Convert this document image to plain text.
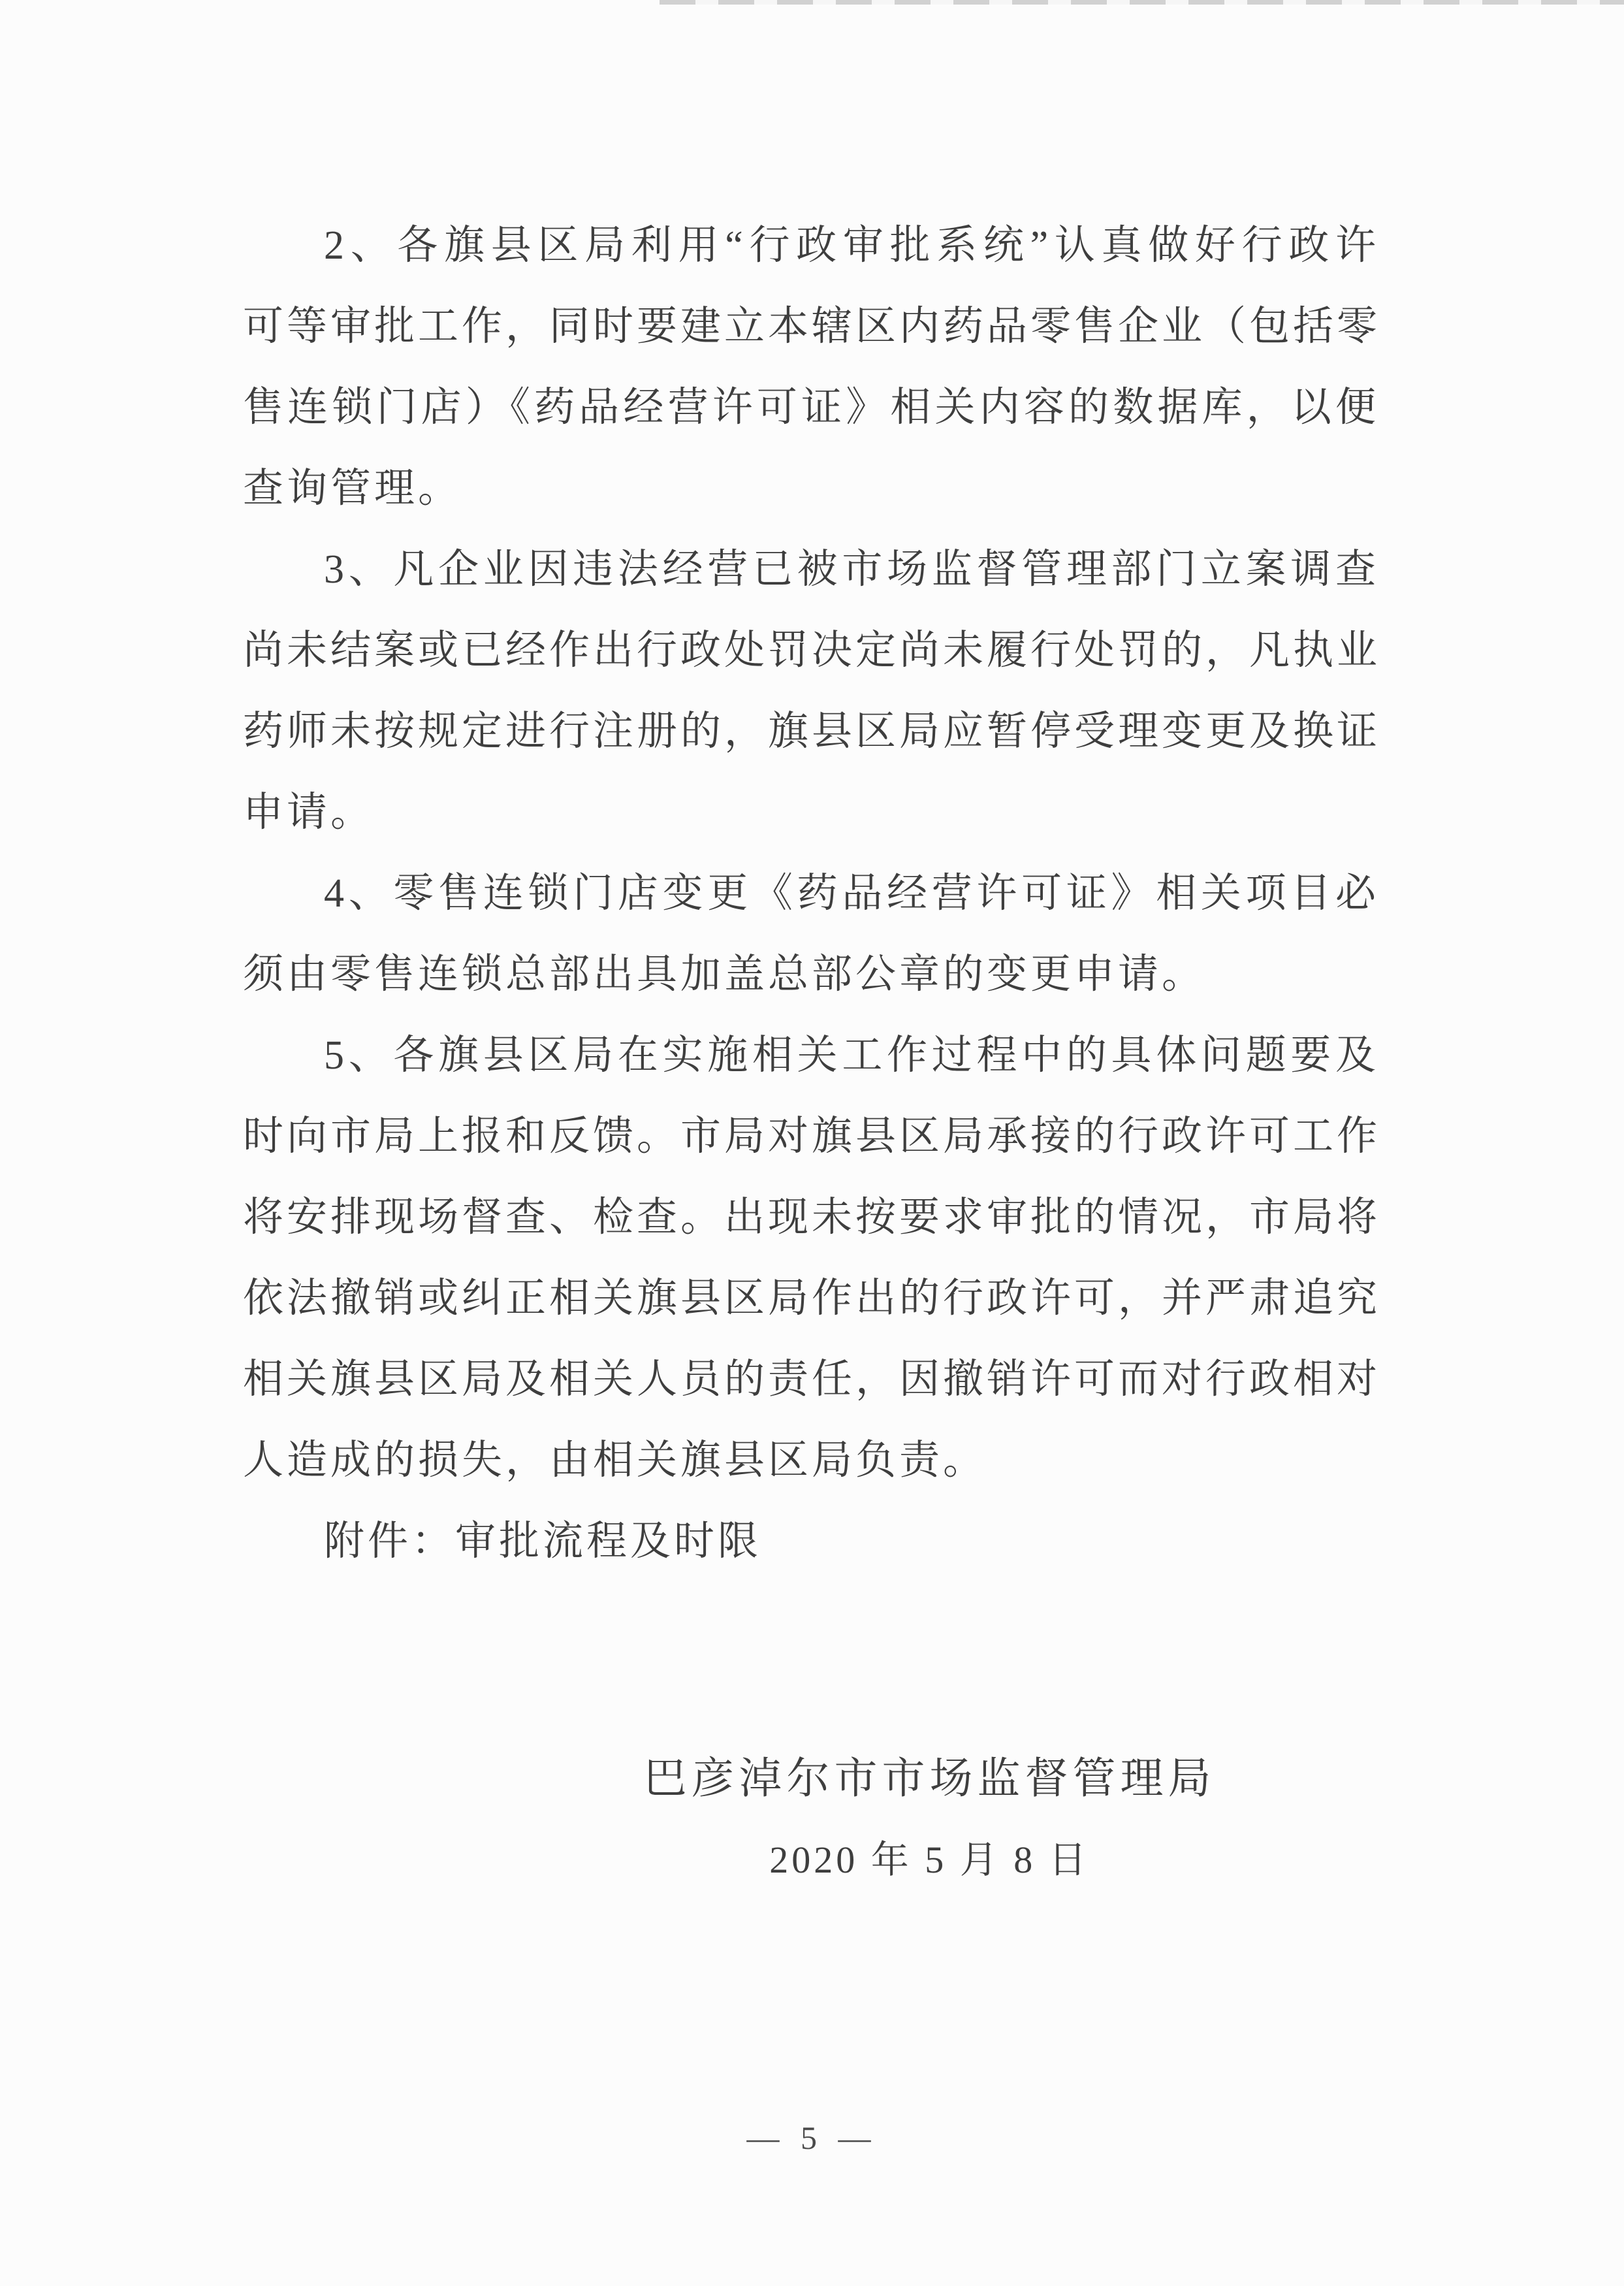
2、各旗县区局利用“行政审批系统”认真做好行政许
可等审批工作，同时要建立本辖区内药品零售企业（包括零
售连锁门店）《药品经营许可证》相关内容的数据库，以便
查询管理。
3、凡企业因违法经营已被市场监督管理部门立案调查
尚未结案或已经作出行政处罚决定尚未履行处罚的，凡执业
药师未按规定进行注册的，旗县区局应暂停受理变更及换证
申请。
4、零售连锁门店变更《药品经营许可证》相关项目必
须由零售连锁总部出具加盖总部公章的变更申请。
5、各旗县区局在实施相关工作过程中的具体问题要及
时向市局上报和反馈。市局对旗县区局承接的行政许可工作
将安排现场督查、检查。出现未按要求审批的情况，市局将
依法撤销或纠正相关旗县区局作出的行政许可，并严肃追究
相关旗县区局及相关人员的责任，因撤销许可而对行政相对
人造成的损失，由相关旗县区局负责。
附件：审批流程及时限
巴彦淖尔市市场监督管理局
2020 年 5 月 8 日
— 5 —
